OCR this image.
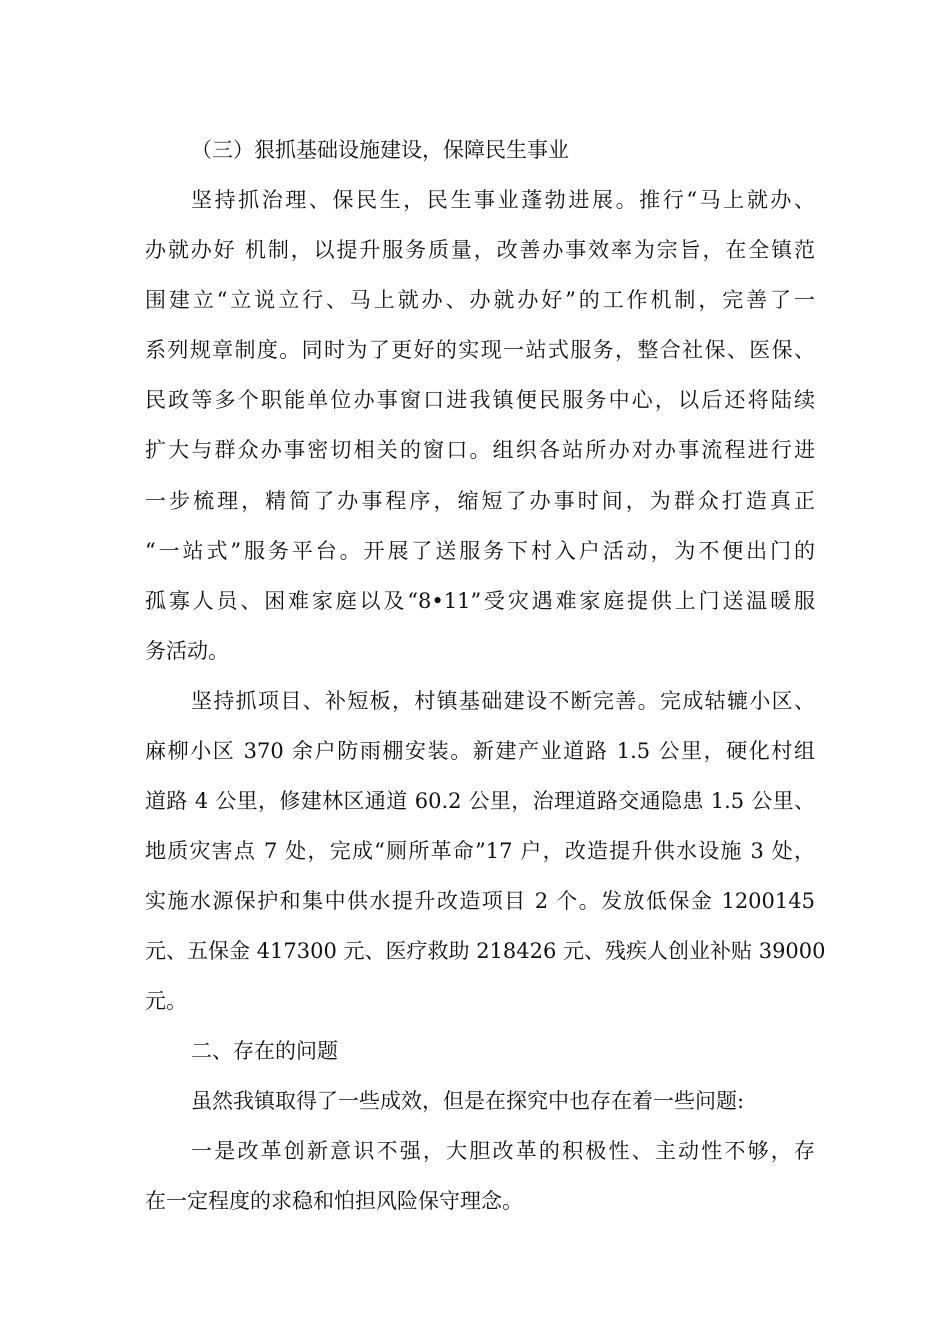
（三）狠抓基础设施建设，保障民生事业
坚持抓治理、保民生，民生事业蓬勃进展。推行“马上就办、
办就办好 机制，以提升服务质量，改善办事效率为宗旨，在全镇范
围建立“立说立行、马上就办、办就办好”的工作机制，完善了一
系列规章制度。同时为了更好的实现一站式服务，整合社保、医保、
民政等多个职能单位办事窗口进我镇便民服务中心，以后还将陆续
扩大与群众办事密切相关的窗口。组织各站所办对办事流程进行进
一步梳理，精简了办事程序，缩短了办事时间，为群众打造真正
“一站式”服务平台。开展了送服务下村入户活动，为不便出门的
孤寡人员、困难家庭以及“8•11”受灾遇难家庭提供上门送温暖服
务活动。
坚持抓项目、补短板，村镇基础建设不断完善。完成轱辘小区、
麻柳小区 370 余户防雨棚安装。新建产业道路 1.5 公里，硬化村组
道路 4 公里，修建林区通道 60.2 公里，治理道路交通隐患 1.5 公里、
地质灾害点 7 处，完成“厕所革命”17 户，改造提升供水设施 3 处，
实施水源保护和集中供水提升改造项目 2 个。发放低保金 1200145
元、五保金 417300 元、医疗救助 218426 元、残疾人创业补贴 39000
元。
二、存在的问题
虽然我镇取得了一些成效，但是在探究中也存在着一些问题:
一是改革创新意识不强，大胆改革的积极性、主动性不够，存
在一定程度的求稳和怕担风险保守理念。
